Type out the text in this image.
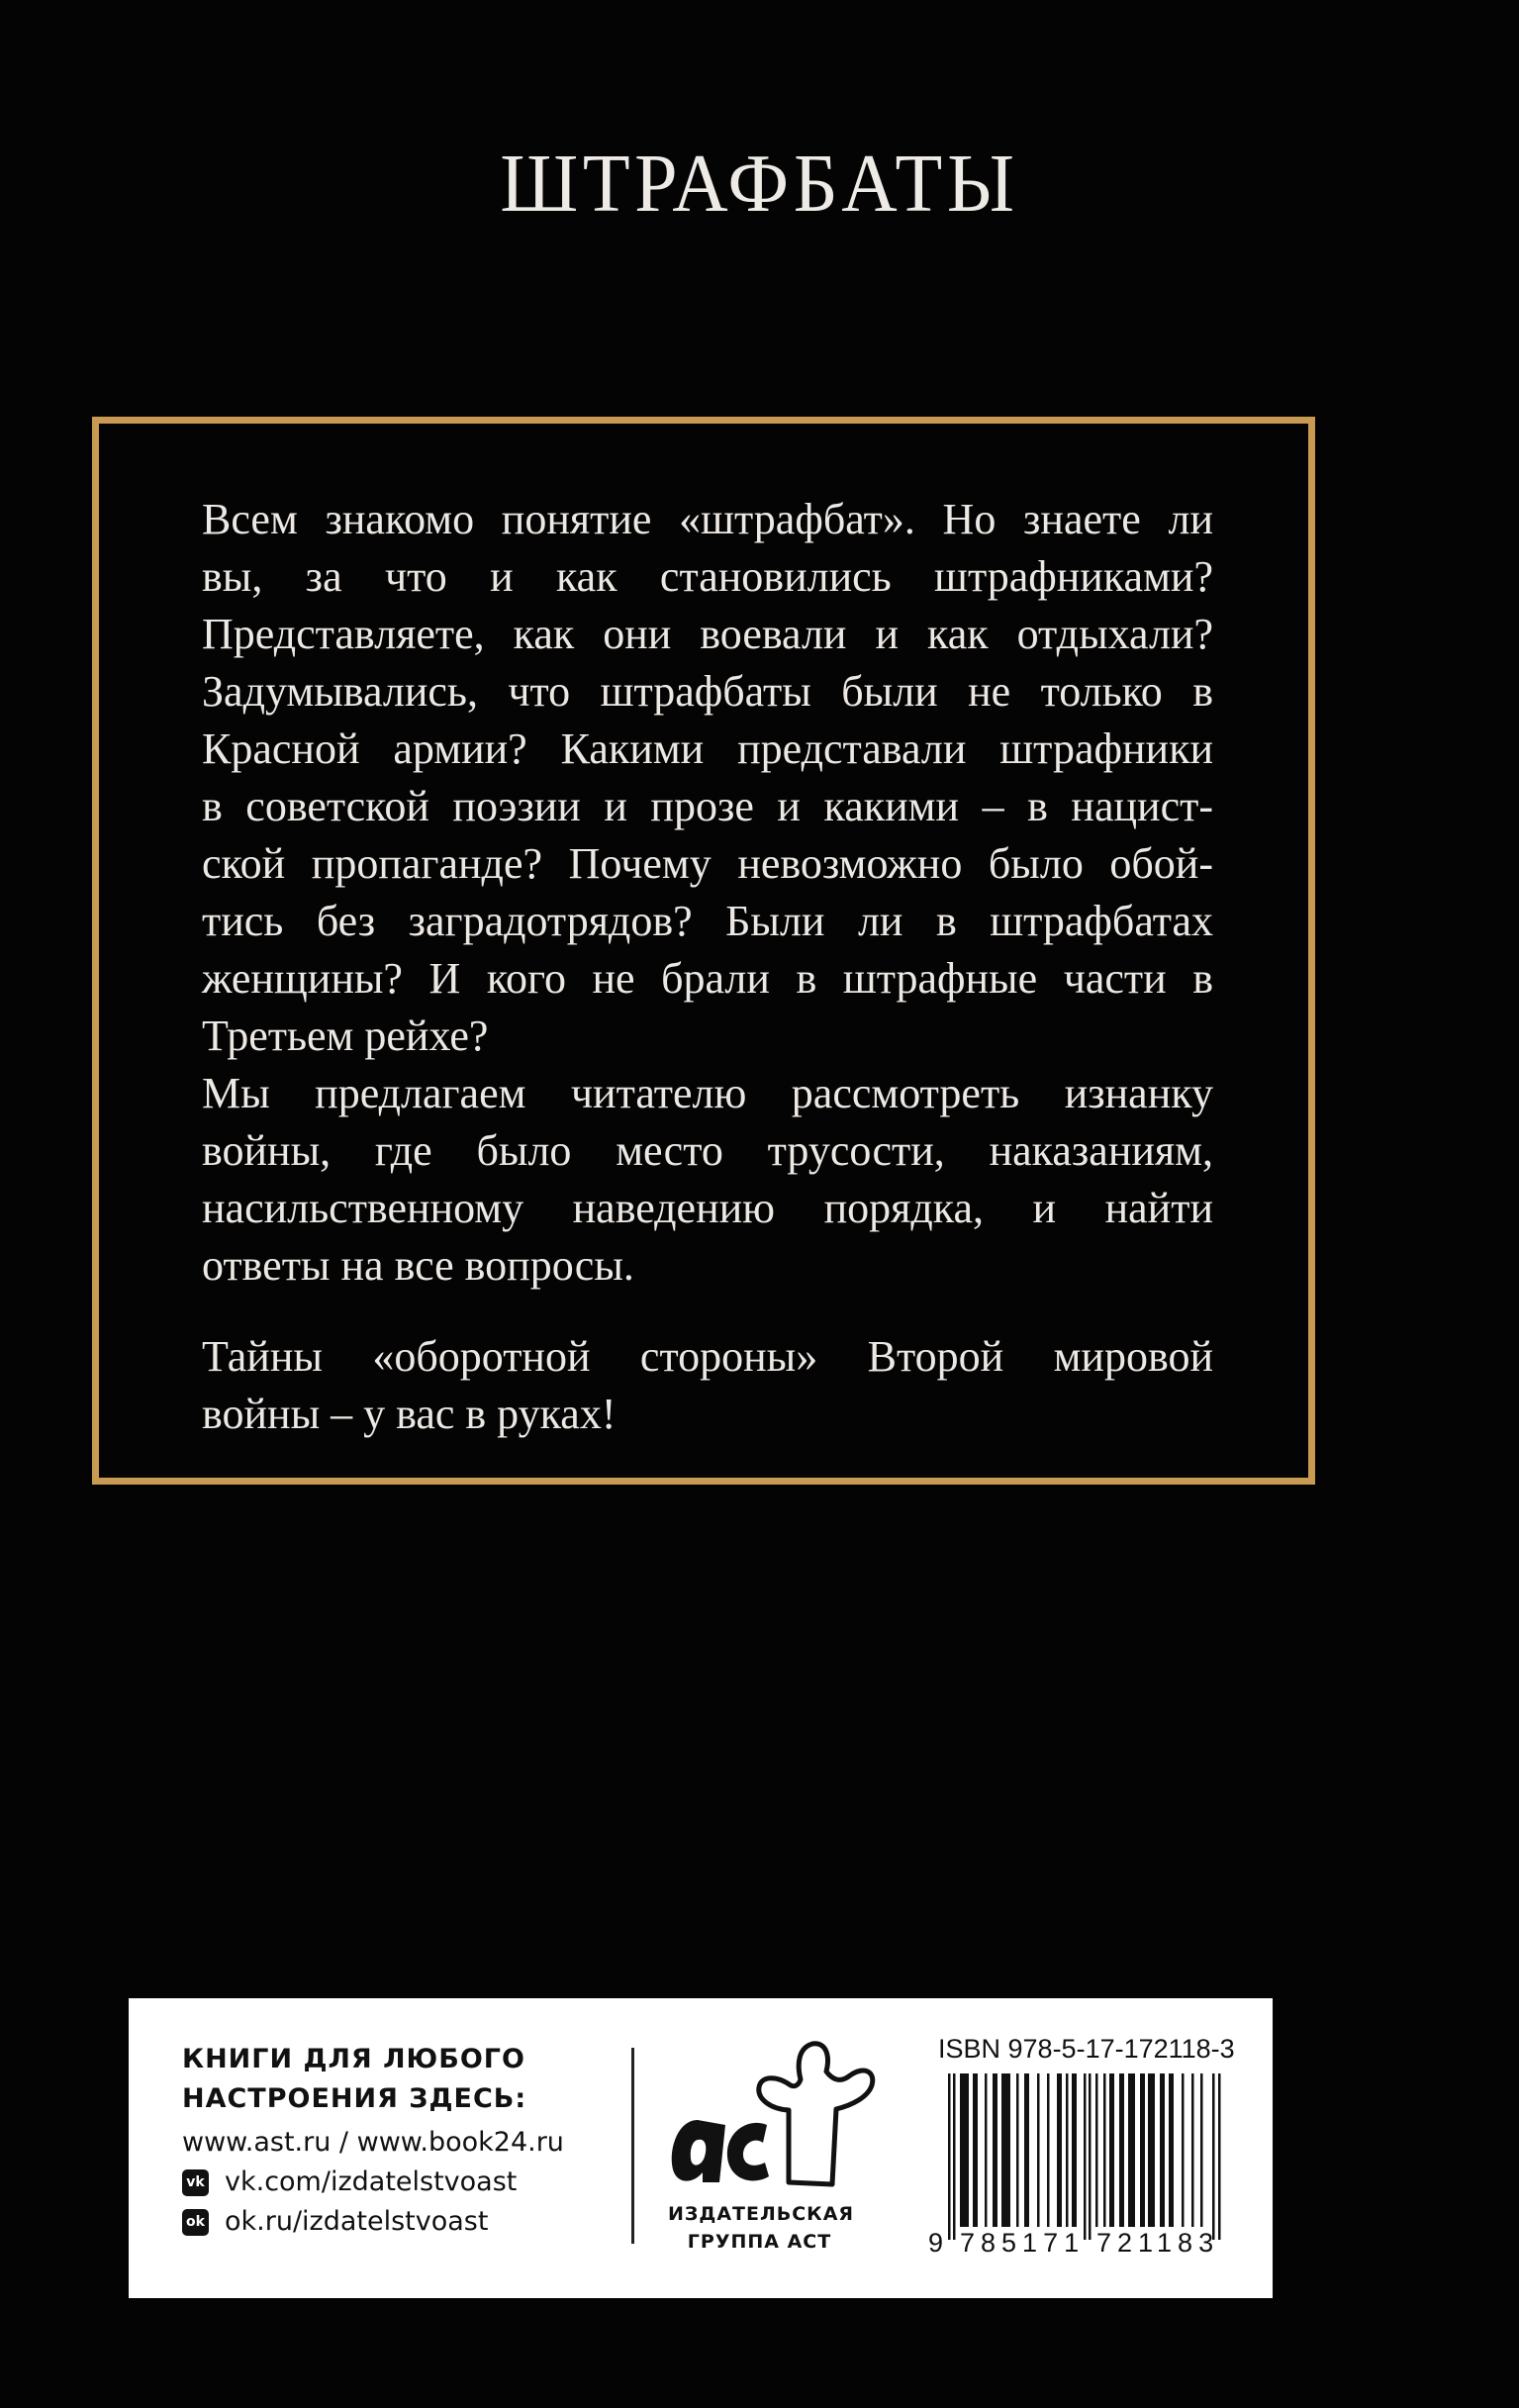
ШТРАФБАТЫ
Всем знакомо понятие «штрафбат». Но знаете ли
вы, за что и как становились штрафниками?
Представляете, как они воевали и как отдыхали?
Задумывались, что штрафбаты были не только в
Красной армии? Какими представали штрафники
в советской поэзии и прозе и какими – в нацист-
ской пропаганде? Почему невозможно было обой-
тись без заградотрядов? Были ли в штрафбатах
женщины? И кого не брали в штрафные части в
Третьем рейхе?
Мы предлагаем читателю рассмотреть изнанку
войны, где было место трусости, наказаниям,
насильственному наведению порядка, и найти
ответы на все вопросы.
Тайны «оборотной стороны» Второй мировой
войны – у вас в руках!
КНИГИ ДЛЯ ЛЮБОГО
НАСТРОЕНИЯ ЗДЕСЬ:
www.ast.ru / www.book24.ru
vk vk.com/izdatelstvoast
ok ok.ru/izdatelstvoast	ИЗДАТЕЛЬСКАЯ
ГРУППА АСТ
ISBN 978-5-17-172118-3
9 785171 721183
